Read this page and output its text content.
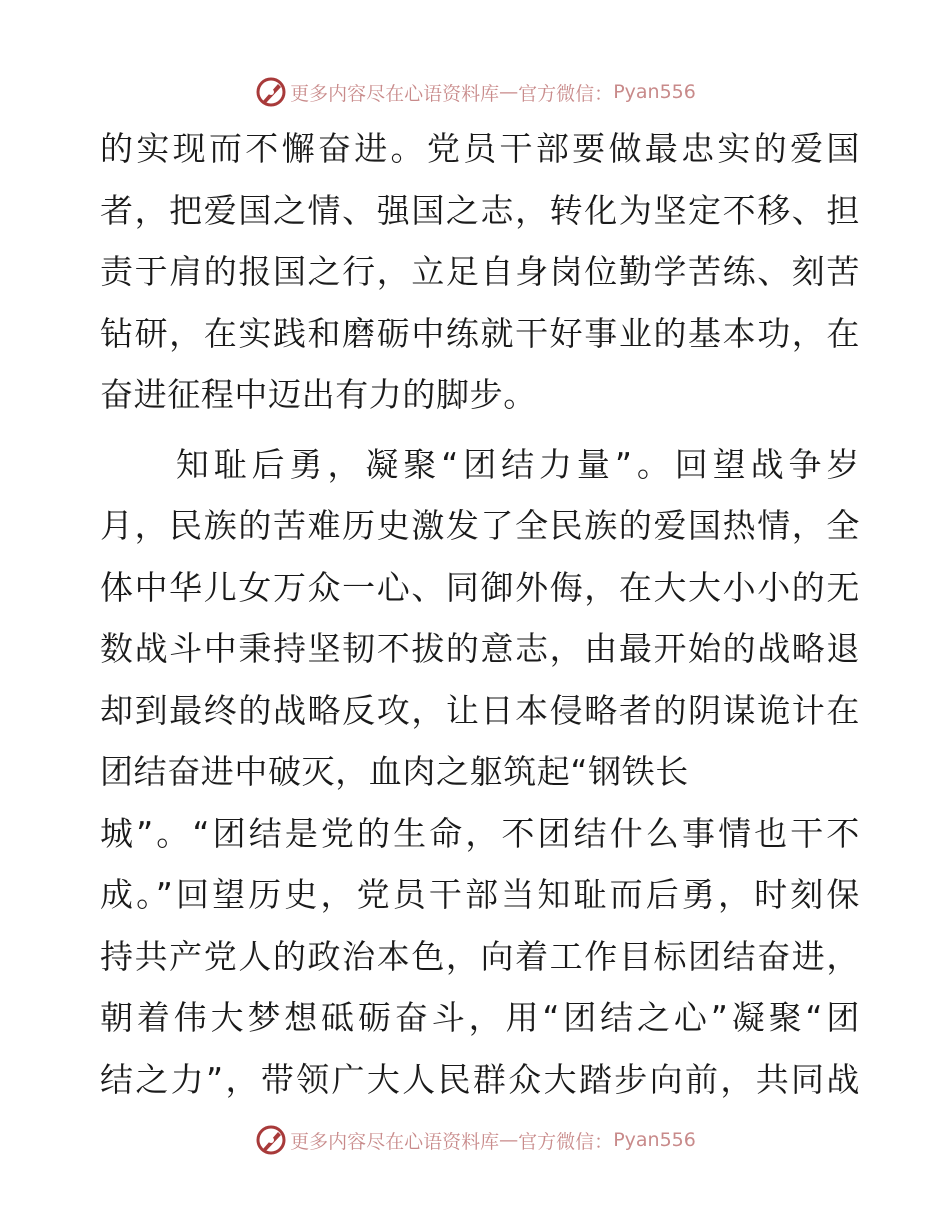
更多内容尽在心语资料库 — 官方微信： Pyan556
的实现而不懈奋进。党员干部要做最忠实的爱国
者，把爱国之情、强国之志，转化为坚定不移、担
责于肩的报国之行，立足自身岗位勤学苦练、刻苦
钻研，在实践和磨砺中练就干好事业的基本功，在
奋进征程中迈出有力的脚步。
　　知耻后勇，凝聚“团结力量”。回望战争岁
月，民族的苦难历史激发了全民族的爱国热情，全
体中华儿女万众一心、同御外侮，在大大小小的无
数战斗中秉持坚韧不拔的意志，由最开始的战略退
却到最终的战略反攻，让日本侵略者的阴谋诡计在
团结奋进中破灭，血肉之躯筑起“钢铁长
城”。“团结是党的生命，不团结什么事情也干不
成。”回望历史，党员干部当知耻而后勇，时刻保
持共产党人的政治本色，向着工作目标团结奋进，
朝着伟大梦想砥砺奋斗，用“团结之心”凝聚“团
更多内容尽在心语资料库 — 官方微信： Pyan556
结之力”，带领广大人民群众大踏步向前，共同战
